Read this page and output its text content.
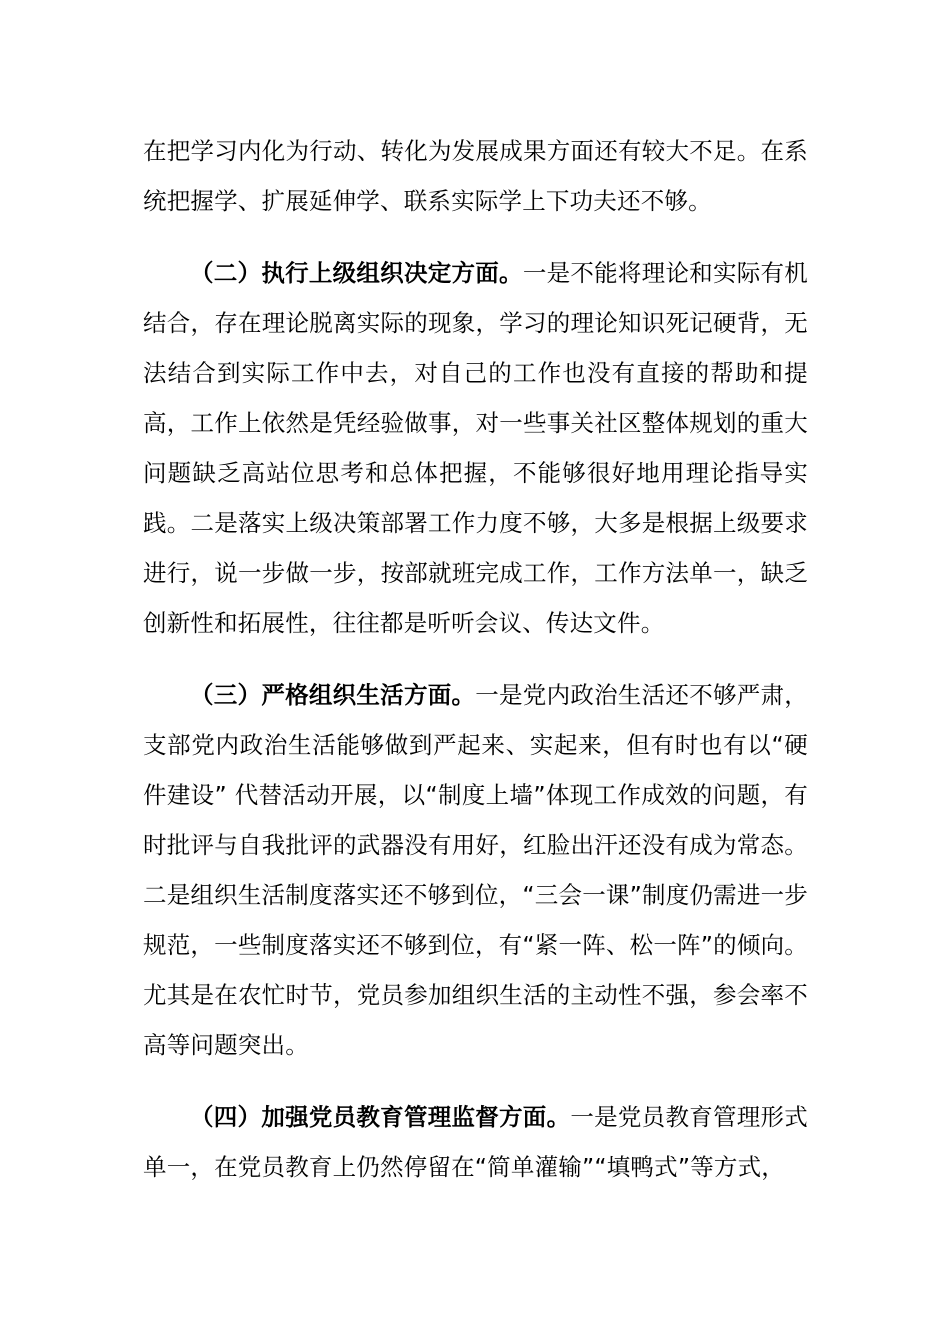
在把学习内化为行动、转化为发展成果方面还有较大不足。在系统把握学、扩展延伸学、联系实际学上下功夫还不够。

（二）执行上级组织决定方面。一是不能将理论和实际有机结合，存在理论脱离实际的现象，学习的理论知识死记硬背，无法结合到实际工作中去，对自己的工作也没有直接的帮助和提高，工作上依然是凭经验做事，对一些事关社区整体规划的重大问题缺乏高站位思考和总体把握，不能够很好地用理论指导实践。二是落实上级决策部署工作力度不够，大多是根据上级要求进行，说一步做一步，按部就班完成工作，工作方法单一，缺乏创新性和拓展性，往往都是听听会议、传达文件。

（三）严格组织生活方面。一是党内政治生活还不够严肃，支部党内政治生活能够做到严起来、实起来，但有时也有以“硬件建设” 代替活动开展，以“制度上墙”体现工作成效的问题，有时批评与自我批评的武器没有用好，红脸出汗还没有成为常态。二是组织生活制度落实还不够到位，“三会一课”制度仍需进一步规范，一些制度落实还不够到位，有“紧一阵、松一阵”的倾向。尤其是在农忙时节，党员参加组织生活的主动性不强，参会率不高等问题突出。

（四）加强党员教育管理监督方面。一是党员教育管理形式单一，在党员教育上仍然停留在“简单灌输”“填鸭式”等方式，
